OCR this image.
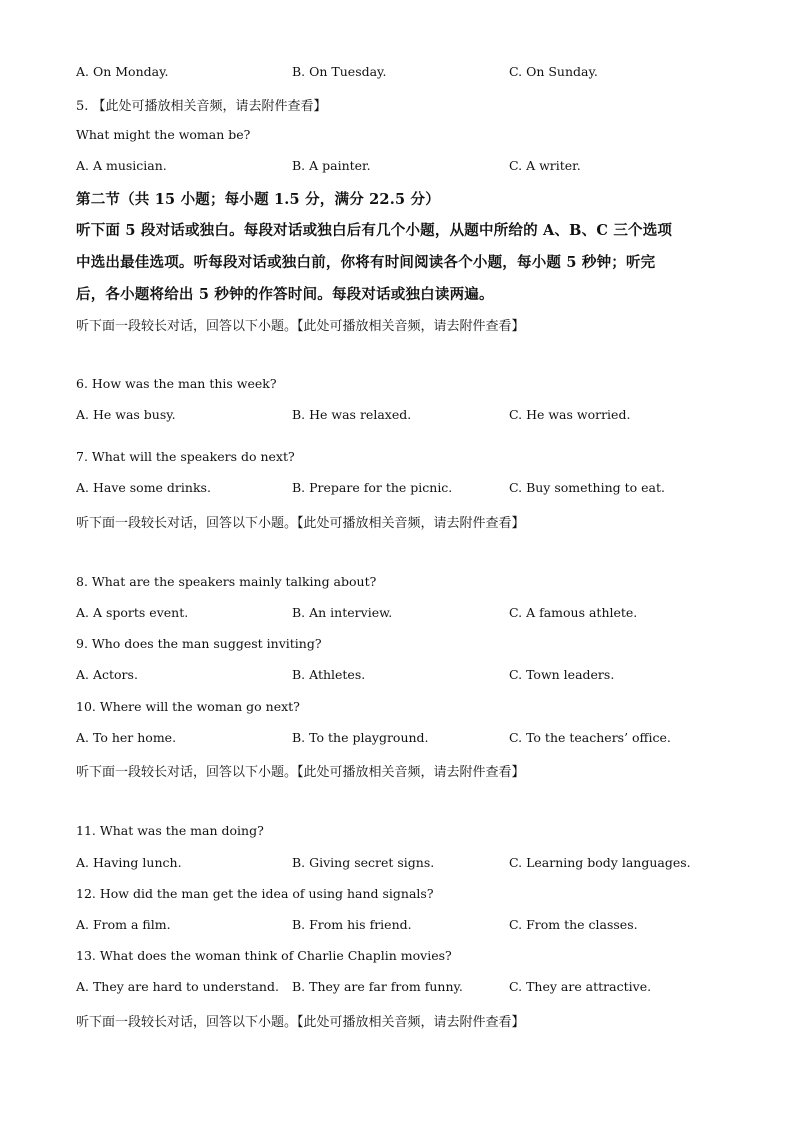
A. On Monday.	B. On Tuesday.	C. On Sunday.
5. 【此处可播放相关音频，请去附件查看】
What might the woman be?
A. A musician.	B. A painter.	C. A writer.
第二节（共 15 小题；每小题 1.5 分，满分 22.5 分）
听下面 5 段对话或独白。每段对话或独白后有几个小题，从题中所给的 A、B、C 三个选项
中选出最佳选项。听每段对话或独白前，你将有时间阅读各个小题，每小题 5 秒钟；听完
后，各小题将给出 5 秒钟的作答时间。每段对话或独白读两遍。
听下面一段较长对话，回答以下小题。【此处可播放相关音频，请去附件查看】
6. How was the man this week?
A. He was busy.	B. He was relaxed.	C. He was worried.
7. What will the speakers do next?
A. Have some drinks.	B. Prepare for the picnic.	C. Buy something to eat.
听下面一段较长对话，回答以下小题。【此处可播放相关音频，请去附件查看】
8. What are the speakers mainly talking about?
A. A sports event.	B. An interview.	C. A famous athlete.
9. Who does the man suggest inviting?
A. Actors.	B. Athletes.	C. Town leaders.
10. Where will the woman go next?
A. To her home.	B. To the playground.	C. To the teachers’ office.
听下面一段较长对话，回答以下小题。【此处可播放相关音频，请去附件查看】
11. What was the man doing?
A. Having lunch.	B. Giving secret signs.	C. Learning body languages.
12. How did the man get the idea of using hand signals?
A. From a film.	B. From his friend.	C. From the classes.
13. What does the woman think of Charlie Chaplin movies?
A. They are hard to understand. B. They are far from funny.	C. They are attractive.
听下面一段较长对话，回答以下小题。【此处可播放相关音频，请去附件查看】
